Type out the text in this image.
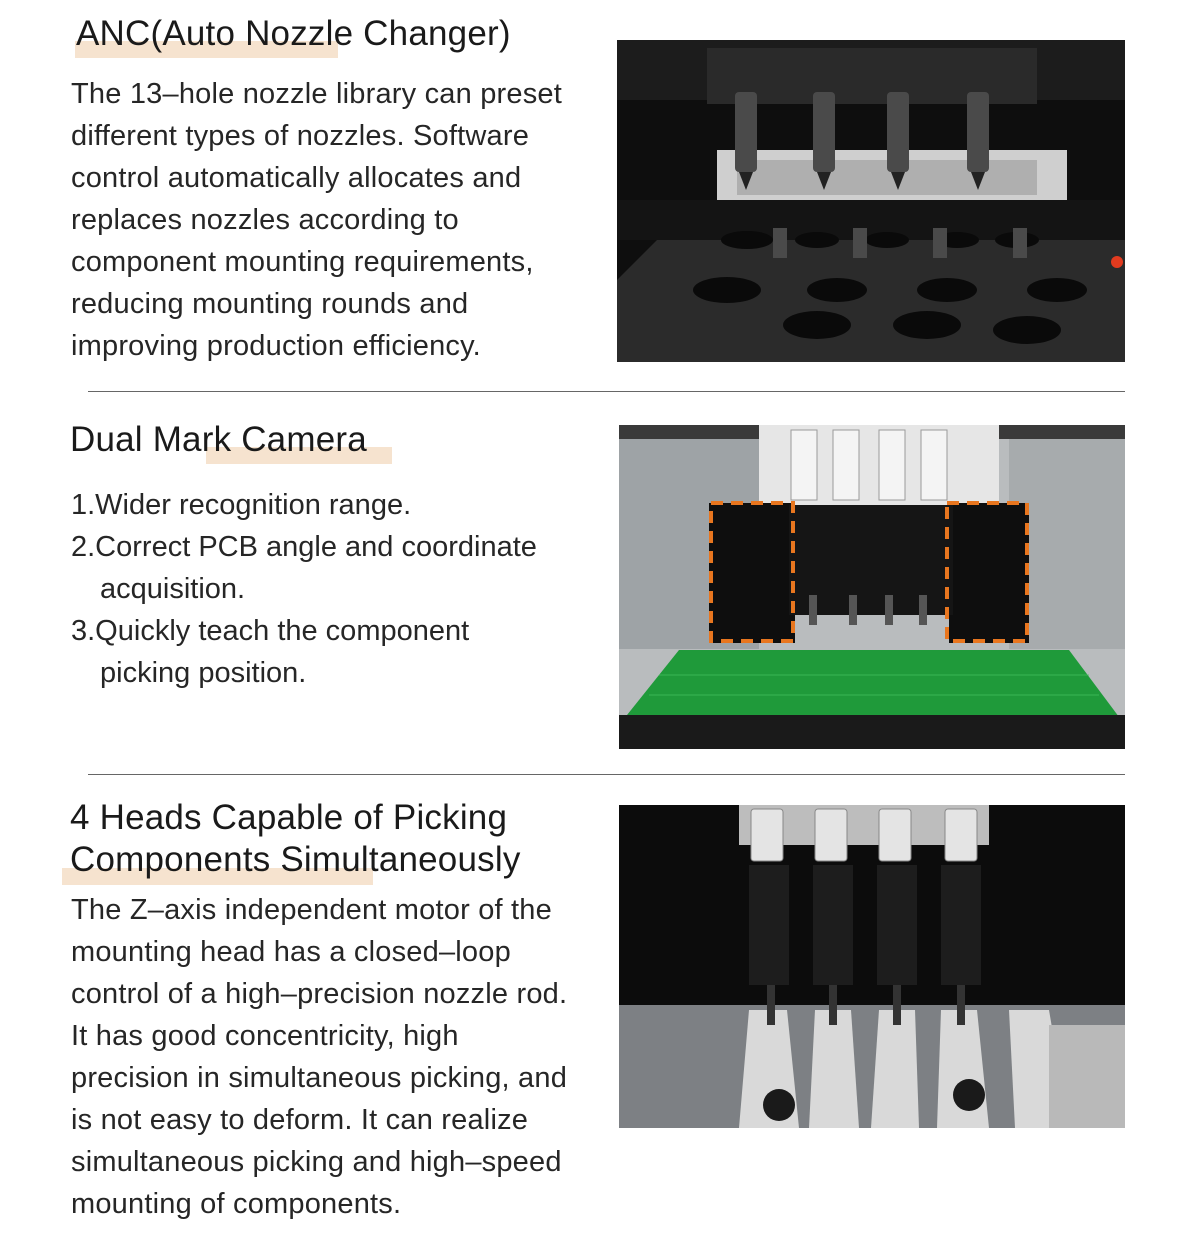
ANC(Auto Nozzle Changer)

The 13–hole nozzle library can preset

different types of nozzles. Software

control automatically allocates and

replaces nozzles according to

component mounting requirements,

reducing mounting rounds and

improving production efficiency.

Dual Mark Camera
1.Wider recognition range.
2.Correct PCB angle and coordinate acquisition.
3.Quickly teach the component picking position.
4 Heads Capable of Picking
Components Simultaneously

The Z–axis independent motor of the

mounting head has a closed–loop

control of a high–precision nozzle rod.

It has good concentricity, high

precision in simultaneous picking, and

is not easy to deform. It can realize

simultaneous picking and high–speed

mounting of components.
